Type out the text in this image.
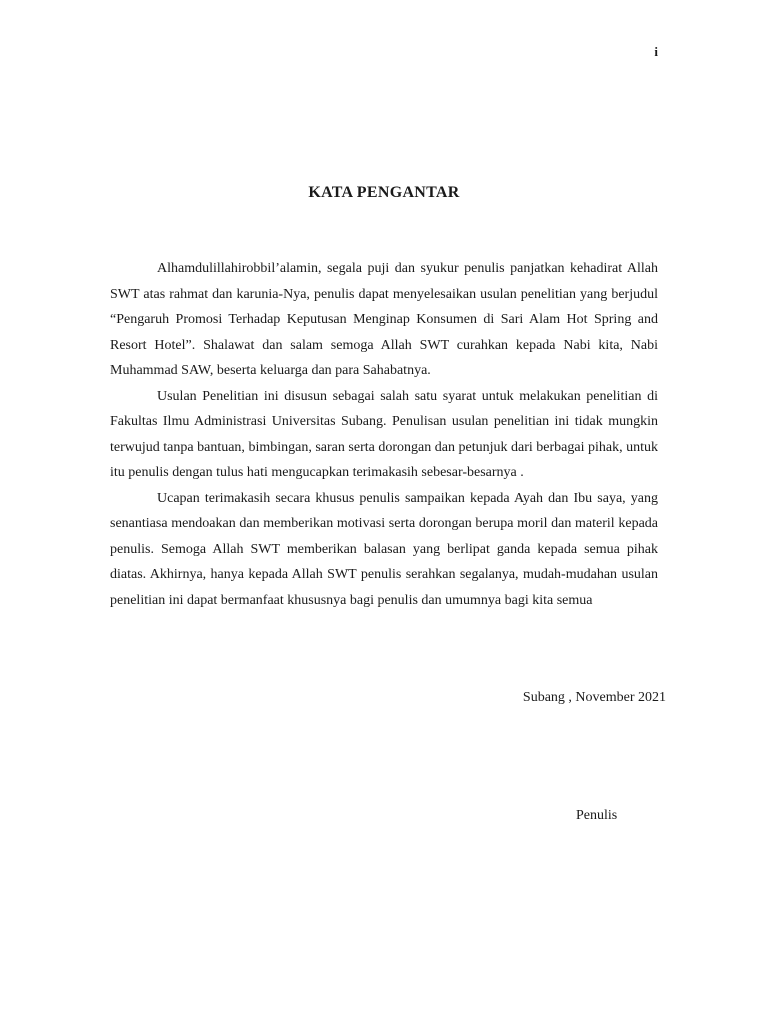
i
KATA PENGANTAR

Alhamdulillahirobbil’alamin, segala puji dan syukur penulis panjatkan kehadirat Allah SWT atas rahmat dan karunia-Nya, penulis dapat menyelesaikan usulan penelitian yang berjudul “Pengaruh Promosi Terhadap Keputusan Menginap Konsumen di Sari Alam Hot Spring and Resort Hotel”. Shalawat dan salam semoga Allah SWT curahkan kepada Nabi kita, Nabi Muhammad SAW, beserta keluarga dan para Sahabatnya.

Usulan Penelitian ini disusun sebagai salah satu syarat untuk melakukan penelitian di Fakultas Ilmu Administrasi Universitas Subang. Penulisan usulan penelitian ini tidak mungkin terwujud tanpa bantuan, bimbingan, saran serta dorongan dan petunjuk dari berbagai pihak, untuk itu penulis dengan tulus hati mengucapkan terimakasih sebesar-besarnya .

Ucapan terimakasih secara khusus penulis sampaikan kepada Ayah dan Ibu saya, yang senantiasa mendoakan dan memberikan motivasi serta dorongan berupa moril dan materil kepada penulis. Semoga Allah SWT memberikan balasan yang berlipat ganda kepada semua pihak diatas. Akhirnya, hanya kepada Allah SWT penulis serahkan segalanya, mudah-mudahan usulan penelitian ini dapat bermanfaat khususnya bagi penulis dan umumnya bagi kita semua

Subang , November 2021
Penulis
